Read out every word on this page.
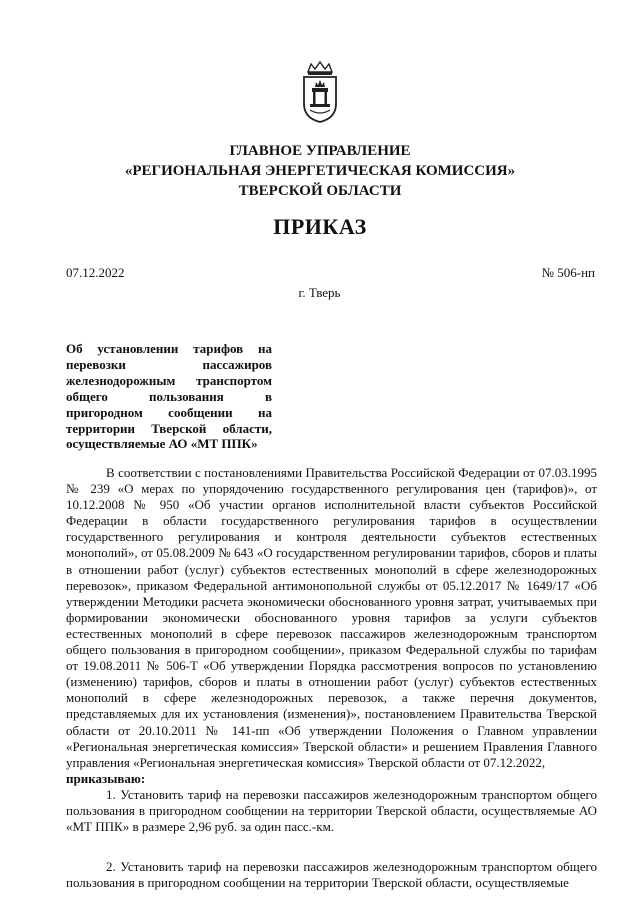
ГЛАВНОЕ УПРАВЛЕНИЕ
«РЕГИОНАЛЬНАЯ ЭНЕРГЕТИЧЕСКАЯ КОМИССИЯ»
ТВЕРСКОЙ ОБЛАСТИ
ПРИКАЗ
07.12.2022	№ 506-нп
г. Тверь
Об установлении тарифов на перевозки пассажиров железнодорожным транспортом общего пользования в пригородном сообщении на территории Тверской области, осуществляемые АО «МТ ППК»

В соответствии с постановлениями Правительства Российской Федерации от 07.03.1995 № 239 «О мерах по упорядочению государственного регулирования цен (тарифов)», от 10.12.2008 № 950 «Об участии органов исполнительной власти субъектов Российской Федерации в области государственного регулирования тарифов в осуществлении государственного регулирования и контроля деятельности субъектов естественных монополий», от 05.08.2009 № 643 «О государственном регулировании тарифов, сборов и платы в отношении работ (услуг) субъектов естественных монополий в сфере железнодорожных перевозок», приказом Федеральной антимонопольной службы от 05.12.2017 № 1649/17 «Об утверждении Методики расчета экономически обоснованного уровня затрат, учитываемых при формировании экономически обоснованного уровня тарифов за услуги субъектов естественных монополий в сфере перевозок пассажиров железнодорожным транспортом общего пользования в пригородном сообщении», приказом Федеральной службы по тарифам от 19.08.2011 № 506-Т «Об утверждении Порядка рассмотрения вопросов по установлению (изменению) тарифов, сборов и платы в отношении работ (услуг) субъектов естественных монополий в сфере железнодорожных перевозок, а также перечня документов, представляемых для их установления (изменения)», постановлением Правительства Тверской области от 20.10.2011 № 141-пп «Об утверждении Положения о Главном управлении «Региональная энергетическая комиссия» Тверской области» и решением Правления Главного управления «Региональная энергетическая комиссия» Тверской области от 07.12.2022,

приказываю:

1. Установить тариф на перевозки пассажиров железнодорожным транспортом общего пользования в пригородном сообщении на территории Тверской области, осуществляемые АО «МТ ППК» в размере 2,96 руб. за один пасс.-км.

2. Установить тариф на перевозки пассажиров железнодорожным транспортом общего пользования в пригородном сообщении на территории Тверской области, осуществляемые
